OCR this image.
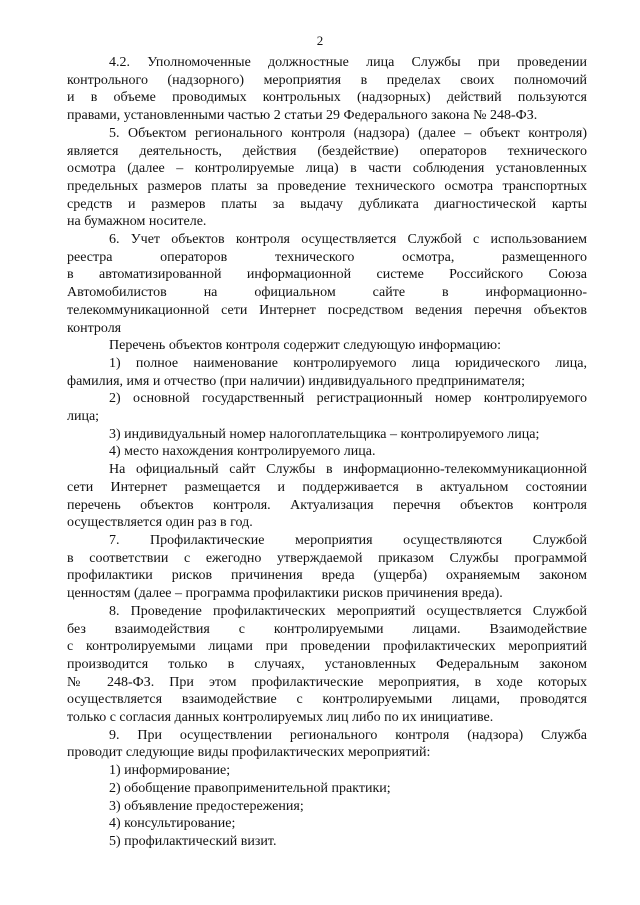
2

4.2. Уполномоченные должностные лица Службы при проведении
контрольного (надзорного) мероприятия в пределах своих полномочий
и в объеме проводимых контрольных (надзорных) действий пользуются
правами, установленными частью 2 статьи 29 Федерального закона № 248-ФЗ.

5. Объектом регионального контроля (надзора) (далее – объект контроля)
является деятельность, действия (бездействие) операторов технического
осмотра (далее – контролируемые лица) в части соблюдения установленных
предельных размеров платы за проведение технического осмотра транспортных
средств и размеров платы за выдачу дубликата диагностической карты
на бумажном носителе.

6. Учет объектов контроля осуществляется Службой с использованием
реестра операторов технического осмотра, размещенного
в автоматизированной информационной системе Российского Союза
Автомобилистов на официальном сайте в информационно-
телекоммуникационной сети Интернет посредством ведения перечня объектов
контроля

Перечень объектов контроля содержит следующую информацию:

1) полное наименование контролируемого лица юридического лица,
фамилия, имя и отчество (при наличии) индивидуального предпринимателя;

2) основной государственный регистрационный номер контролируемого
лица;

3) индивидуальный номер налогоплательщика – контролируемого лица;

4) место нахождения контролируемого лица.

На официальный сайт Службы в информационно-телекоммуникационной
сети Интернет размещается и поддерживается в актуальном состоянии
перечень объектов контроля. Актуализация перечня объектов контроля
осуществляется один раз в год.

7. Профилактические мероприятия осуществляются Службой
в соответствии с ежегодно утверждаемой приказом Службы программой
профилактики рисков причинения вреда (ущерба) охраняемым законом
ценностям (далее – программа профилактики рисков причинения вреда).

8. Проведение профилактических мероприятий осуществляется Службой
без взаимодействия с контролируемыми лицами. Взаимодействие
с контролируемыми лицами при проведении профилактических мероприятий
производится только в случаях, установленных Федеральным законом
№ 248-ФЗ. При этом профилактические мероприятия, в ходе которых
осуществляется взаимодействие с контролируемыми лицами, проводятся
только с согласия данных контролируемых лиц либо по их инициативе.

9. При осуществлении регионального контроля (надзора) Служба
проводит следующие виды профилактических мероприятий:

1) информирование;

2) обобщение правоприменительной практики;

3) объявление предостережения;

4) консультирование;

5) профилактический визит.
